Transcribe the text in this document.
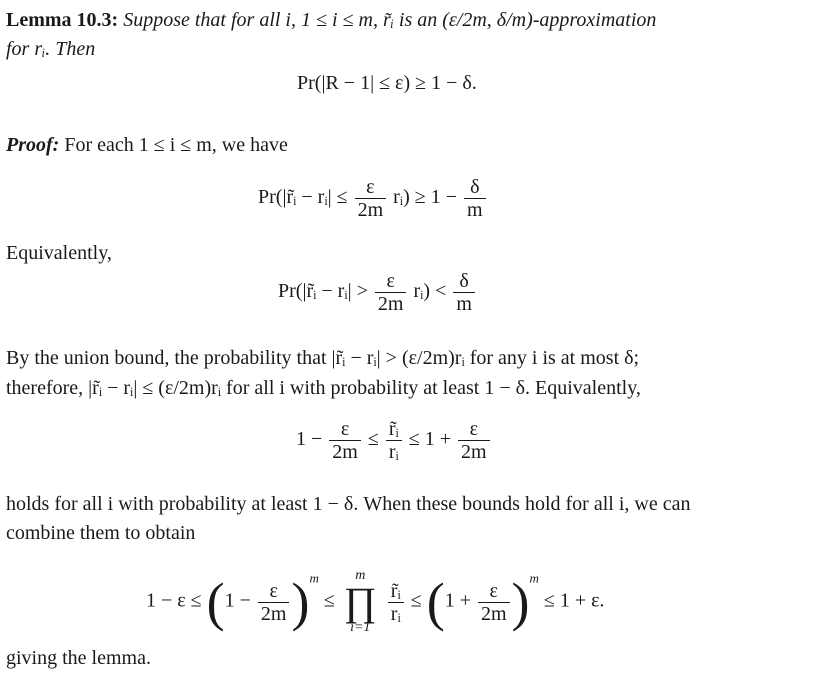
Lemma 10.3: Suppose that for all i, 1 ≤ i ≤ m, r̃ᵢ is an (ε/2m, δ/m)-approximation
for rᵢ. Then
Pr(|R − 1| ≤ ε) ≥ 1 − δ.
Proof: For each 1 ≤ i ≤ m, we have
Pr(|r̃ᵢ − rᵢ| ≤ $\frac{\varepsilon}{2m}$ rᵢ) ≥ $1 - \frac{\delta}{m}$
Equivalently,
Pr(|r̃ᵢ − rᵢ| > $\frac{\varepsilon}{2m}$ rᵢ) < $\frac{\delta}{m}$
By the union bound, the probability that |r̃ᵢ − rᵢ| > (ε/2m)rᵢ for any i is at most δ;
therefore, |r̃ᵢ − rᵢ| ≤ (ε/2m)rᵢ for all i with probability at least 1 − δ. Equivalently,
$1 - \frac{\varepsilon}{2m} \le \frac{\text{r̃ᵢ}}{\text{rᵢ}} \le 1 + \frac{\varepsilon}{2m}$
holds for all i with probability at least 1 − δ. When these bounds hold for all i, we can
combine them to obtain
$1 - \varepsilon \le (1 - \frac{\varepsilon}{2m} )^m$ ≤
m
∏
i=1

$\frac{\text{r̃ᵢ}}{\text{rᵢ}} \le (1 + \frac{\varepsilon}{2m} )^m \le 1 + \varepsilon$.
giving the lemma.
